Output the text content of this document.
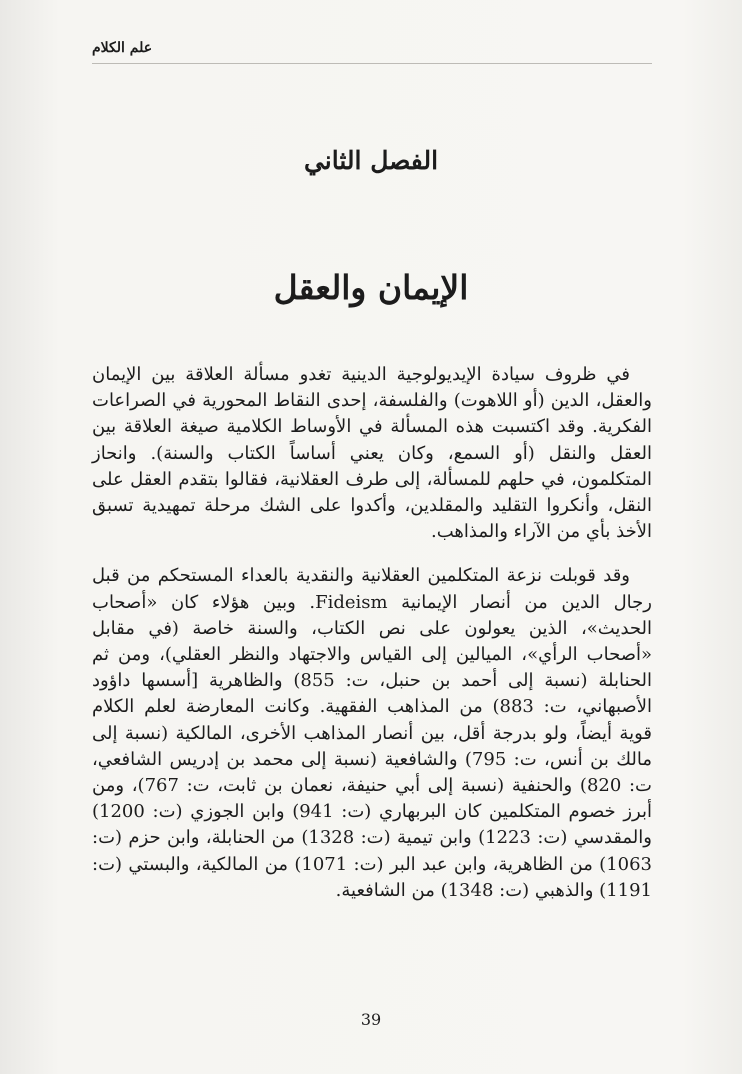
علم الكلام
الفصل الثاني
الإيمان والعقل

في ظروف سيادة الإيديولوجية الدينية تغدو مسألة العلاقة بين الإيمان والعقل، الدين (أو اللاهوت) والفلسفة، إحدى النقاط المحورية في الصراعات الفكرية. وقد اكتسبت هذه المسألة في الأوساط الكلامية صيغة العلاقة بين العقل والنقل (أو السمع، وكان يعني أساساً الكتاب والسنة). وانحاز المتكلمون، في حلهم للمسألة، إلى طرف العقلانية، فقالوا بتقدم العقل على النقل، وأنكروا التقليد والمقلدين، وأكدوا على الشك مرحلة تمهيدية تسبق الأخذ بأي من الآراء والمذاهب.

وقد قوبلت نزعة المتكلمين العقلانية والنقدية بالعداء المستحكم من قبل رجال الدين من أنصار الإيمانية Fideism. وبين هؤلاء كان «أصحاب الحديث»، الذين يعولون على نص الكتاب، والسنة خاصة (في مقابل «أصحاب الرأي»، الميالين إلى القياس والاجتهاد والنظر العقلي)، ومن ثم الحنابلة (نسبة إلى أحمد بن حنبل، ت: 855) والظاهرية [أسسها داؤود الأصبهاني، ت: 883) من المذاهب الفقهية. وكانت المعارضة لعلم الكلام قوية أيضاً، ولو بدرجة أقل، بين أنصار المذاهب الأخرى، المالكية (نسبة إلى مالك بن أنس، ت: 795) والشافعية (نسبة إلى محمد بن إدريس الشافعي، ت: 820) والحنفية (نسبة إلى أبي حنيفة، نعمان بن ثابت، ت: 767)، ومن أبرز خصوم المتكلمين كان البربهاري (ت: 941) وابن الجوزي (ت: 1200) والمقدسي (ت: 1223) وابن تيمية (ت: 1328) من الحنابلة، وابن حزم (ت: 1063) من الظاهرية، وابن عبد البر (ت: 1071) من المالكية، والبستي (ت: 1191) والذهبي (ت: 1348) من الشافعية.

39
